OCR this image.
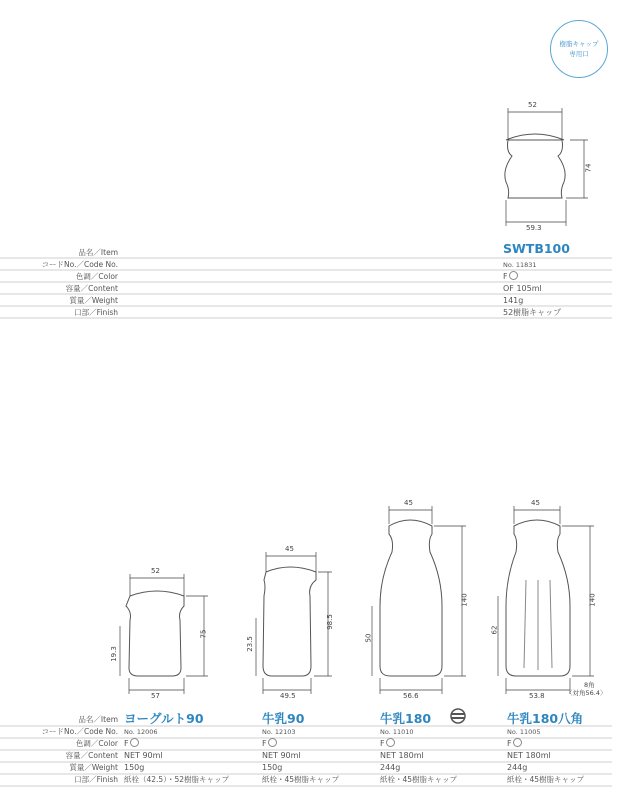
樹脂キャップ
専用口
52
59.3
74
品名／Item
コードNo.／Code No.
色調／Color
容量／Content
質量／Weight
口部／Finish
SWTB100
No. 11831
F
OF 105ml
141g
52樹脂キャップ
52
57
75
19.3
45
49.5
98.5
23.5
45
56.6
140
50
45
53.8
140
62
8角
〈対角56.4〉
品名／Item
コードNo.／Code No.
色調／Color
容量／Content
質量／Weight
口部／Finish
ヨーグルト90
No. 12006
F
NET 90ml
150g
紙栓（42.5）・52樹脂キャップ
牛乳90
No. 12103
F
NET 90ml
150g
紙栓・45樹脂キャップ
牛乳180
No. 11010
F
NET 180ml
244g
紙栓・45樹脂キャップ
牛乳180八角
No. 11005
F
NET 180ml
244g
紙栓・45樹脂キャップ
